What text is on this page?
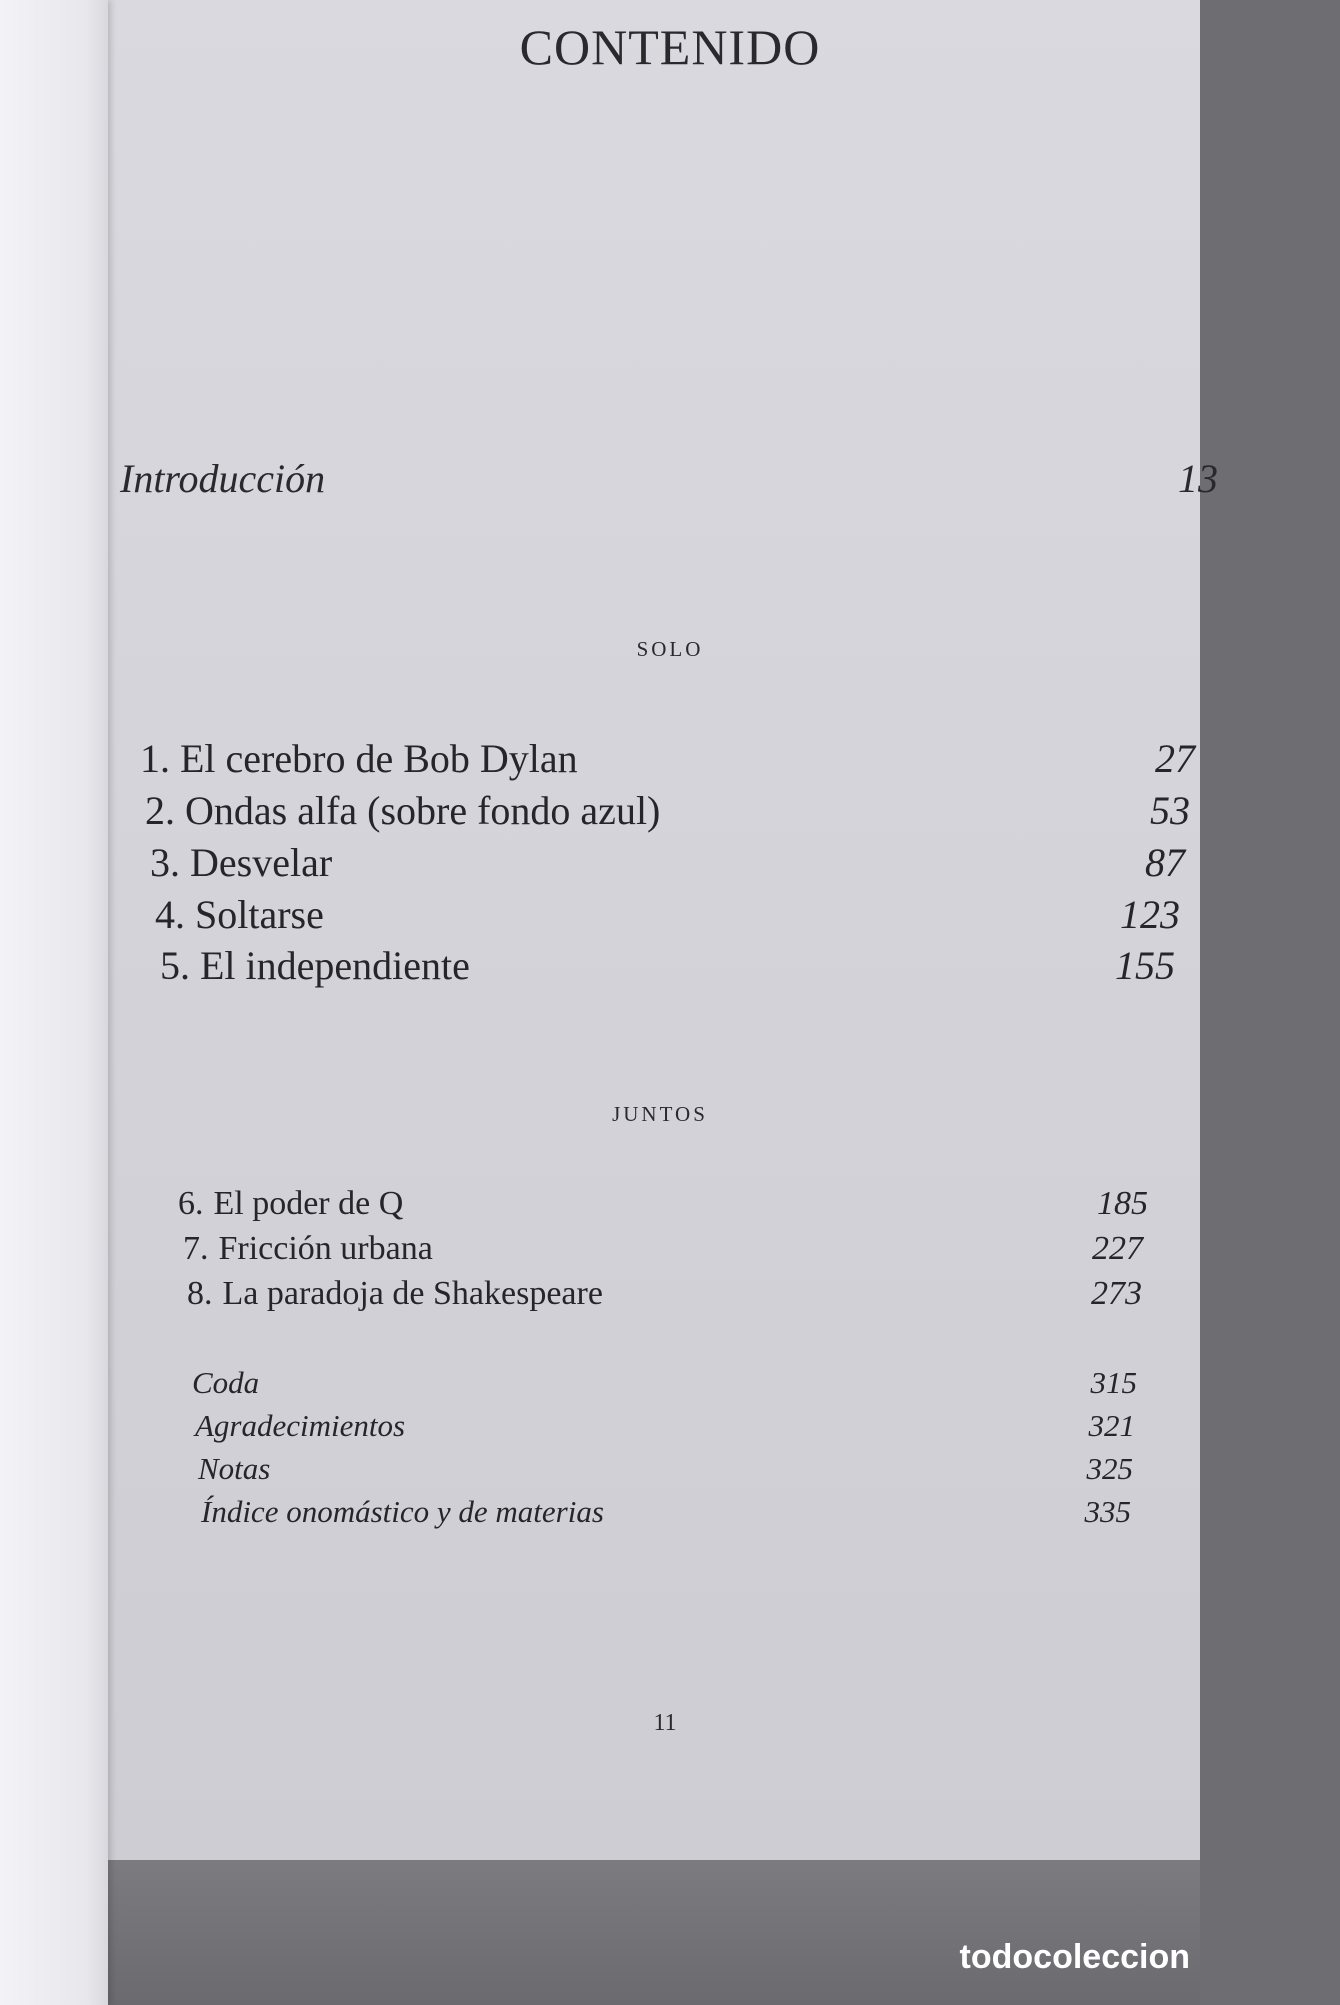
CONTENIDO
Introducción	13
solo
1. El cerebro de Bob Dylan	27
2. Ondas alfa (sobre fondo azul)	53
3. Desvelar	87
4. Soltarse	123
5. El independiente	155
juntos
6. El poder de Q	185
7. Fricción urbana	227
8. La paradoja de Shakespeare	273
Coda	315
Agradecimientos	321
Notas	325
Índice onomástico y de materias	335
11
todocoleccion
